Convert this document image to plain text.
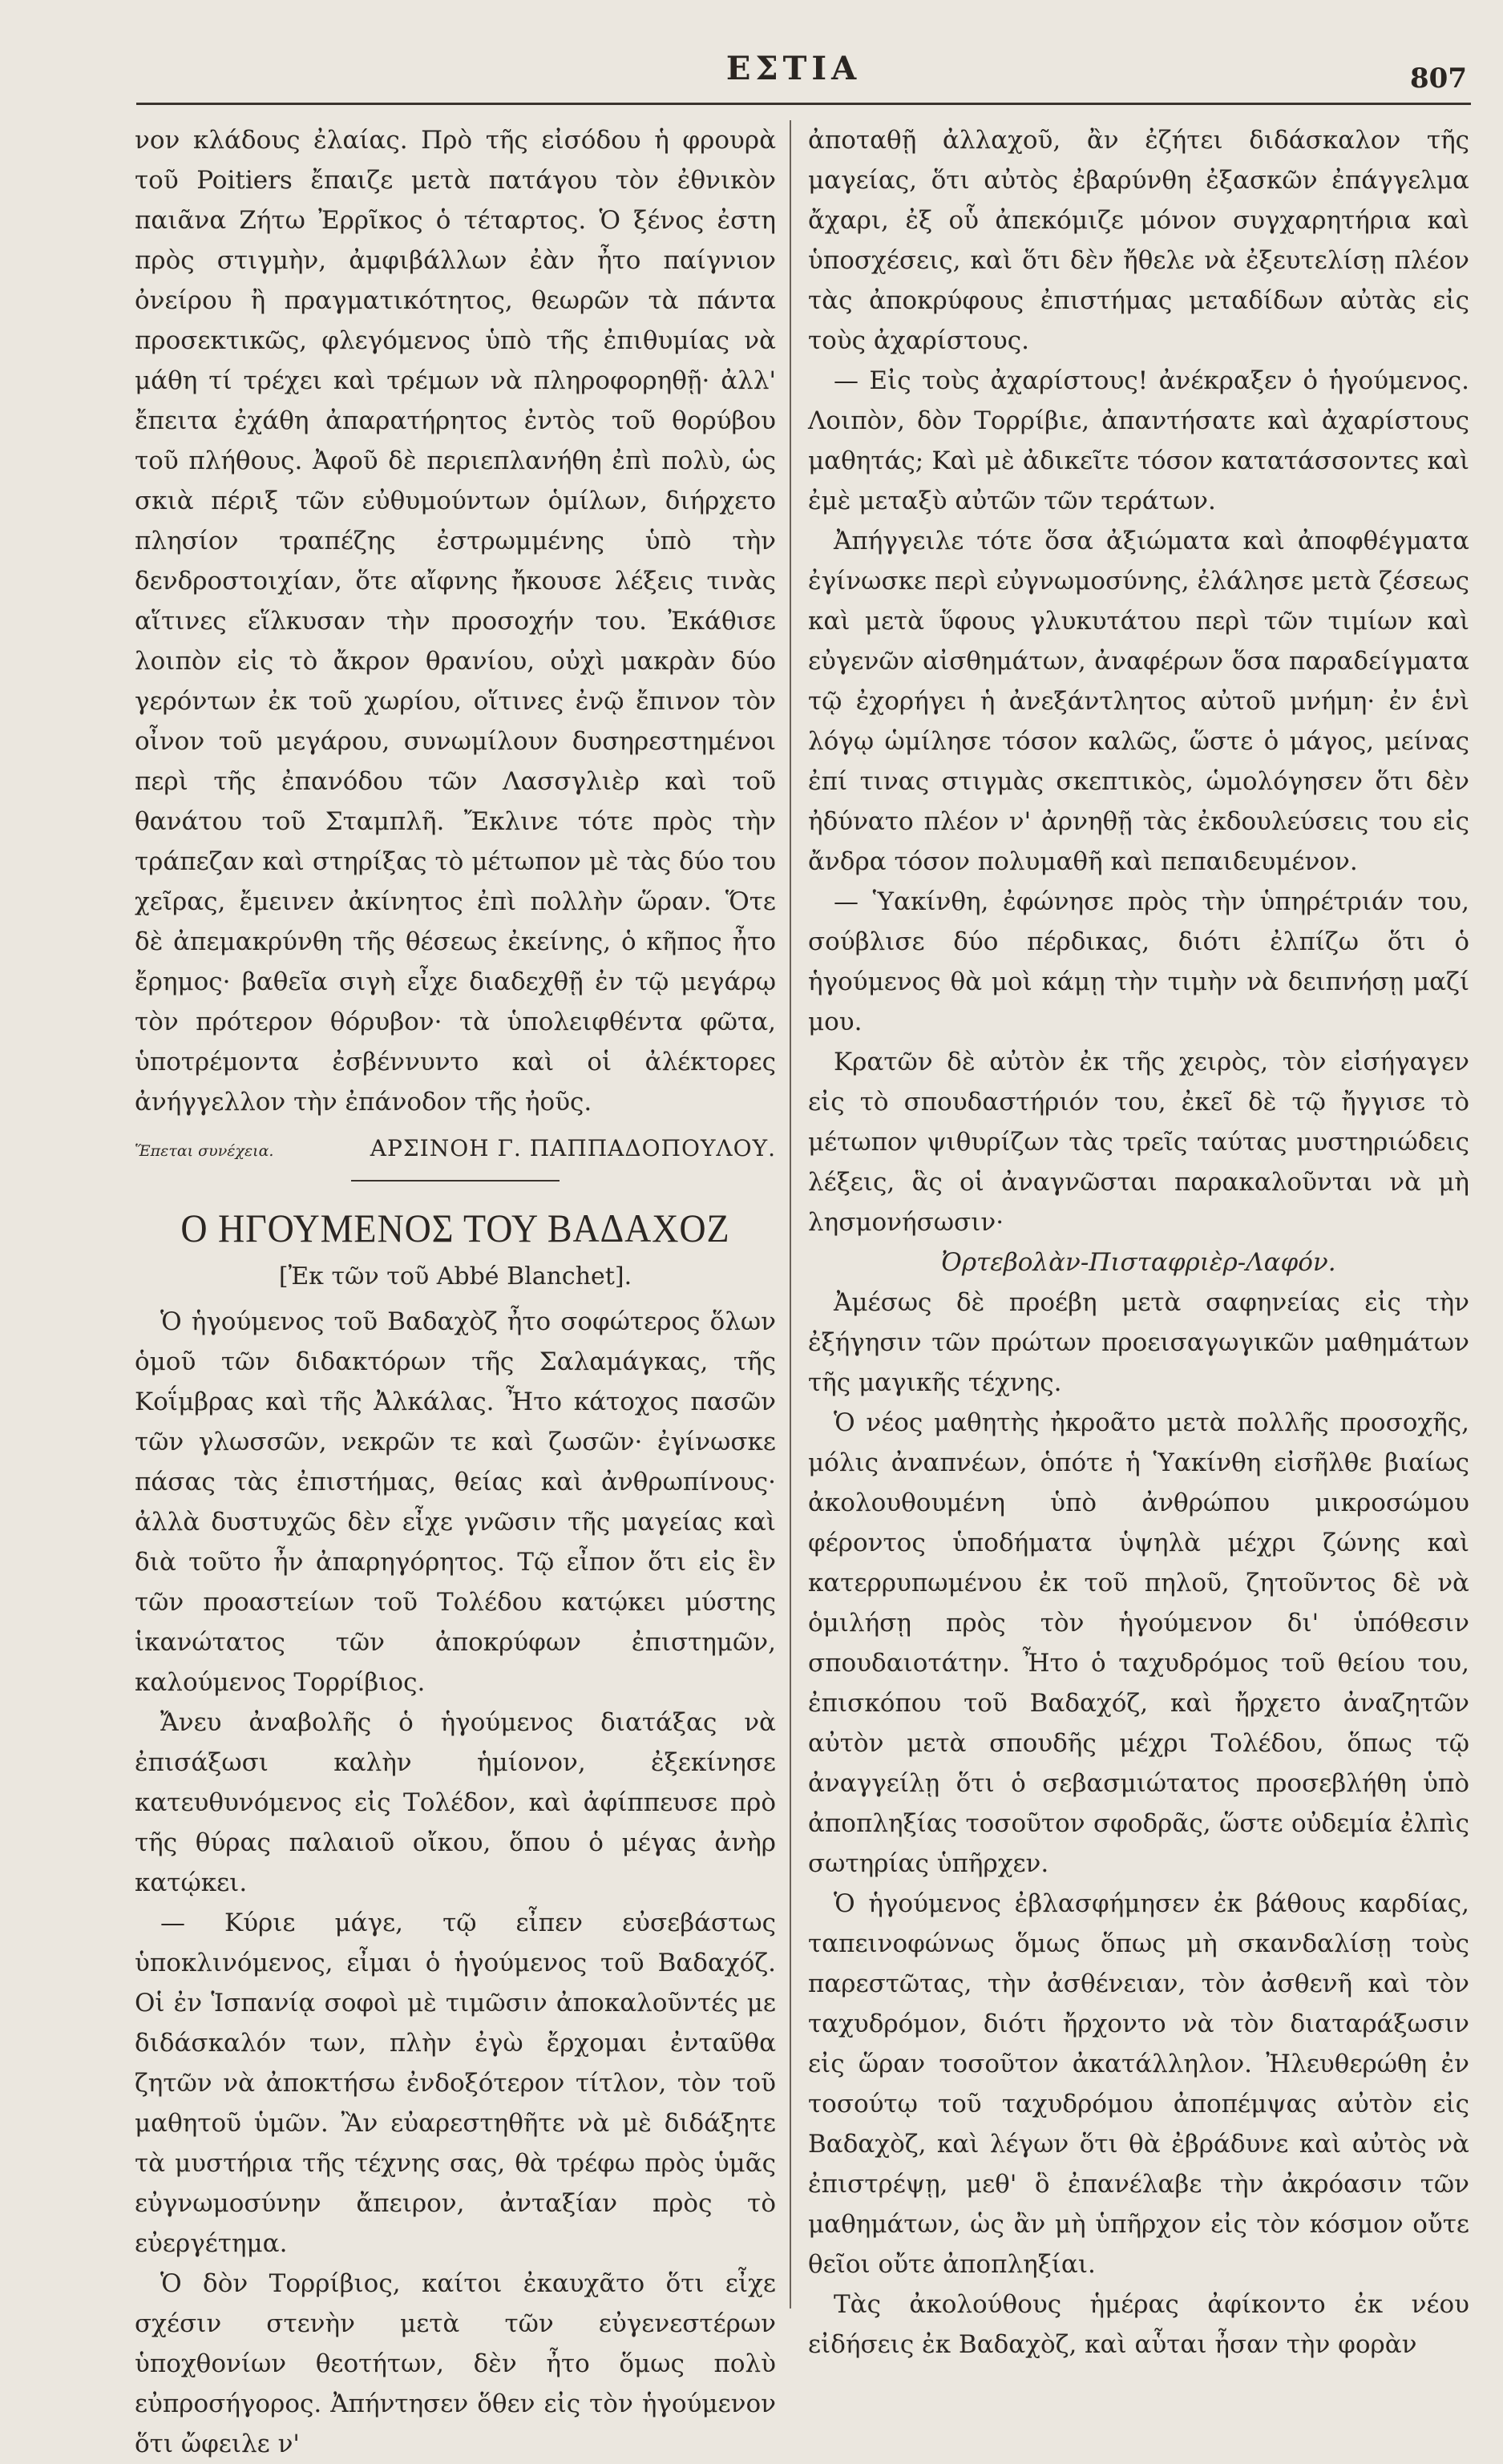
ΕΣΤΙΑ	807

νον κλάδους ἐλαίας. Πρὸ τῆς εἰσόδου ἡ φρουρὰ τοῦ Poitiers ἔπαιζε μετὰ πατάγου τὸν ἐθνικὸν παιᾶνα Ζήτω Ἐρρῖκος ὁ τέταρτος. Ὁ ξένος ἐστη πρὸς στιγμὴν, ἀμφιβάλλων ἐὰν ἦτο παίγνιον ὀνείρου ἢ πραγματικότητος, θεωρῶν τὰ πάντα προσεκτικῶς, φλεγόμενος ὑπὸ τῆς ἐπιθυμίας νὰ μάθη τί τρέχει καὶ τρέμων νὰ πληροφορηθῇ· ἀλλ' ἔπειτα ἐχάθη ἀπαρατήρητος ἐντὸς τοῦ θορύβου τοῦ πλήθους. Ἀφοῦ δὲ περιεπλανήθη ἐπὶ πολὺ, ὡς σκιὰ πέριξ τῶν εὐθυμούντων ὁμίλων, διήρχετο πλησίον τραπέζης ἐστρωμμένης ὑπὸ τὴν δενδροστοιχίαν, ὅτε αἴφνης ἤκουσε λέξεις τινὰς αἵτινες εἵλκυσαν τὴν προσοχήν του. Ἐκάθισε λοιπὸν εἰς τὸ ἄκρον θρανίου, οὐχὶ μακρὰν δύο γερόντων ἐκ τοῦ χωρίου, οἵτινες ἐνῷ ἔπινον τὸν οἶνον τοῦ μεγάρου, συνωμίλουν δυσηρεστημένοι περὶ τῆς ἐπανόδου τῶν Λασσγλιὲρ καὶ τοῦ θανάτου τοῦ Σταμπλῆ. Ἔκλινε τότε πρὸς τὴν τράπεζαν καὶ στηρίξας τὸ μέτωπον μὲ τὰς δύο του χεῖρας, ἔμεινεν ἀκίνητος ἐπὶ πολλὴν ὥραν. Ὅτε δὲ ἀπεμακρύνθη τῆς θέσεως ἐκείνης, ὁ κῆπος ἦτο ἔρημος· βαθεῖα σιγὴ εἶχε διαδεχθῇ ἐν τῷ μεγάρῳ τὸν πρότερον θόρυβον· τὰ ὑπολειφθέντα φῶτα, ὑποτρέμοντα ἐσβέννυντο καὶ οἱ ἀλέκτορες ἀνήγγελλον τὴν ἐπάνοδον τῆς ἠοῦς.

Ἕπεται συνέχεια.	ΑΡΣΙΝΟΗ Γ. ΠΑΠΠΑΔΟΠΟΥΛΟΥ.
Ο ΗΓΟΥΜΕΝΟΣ ΤΟΥ ΒΑΔΑΧΟΖ
[Ἐκ τῶν τοῦ Abbé Blanchet].

Ὁ ἡγούμενος τοῦ Βαδαχὸζ ἦτο σοφώτερος ὅλων ὁμοῦ τῶν διδακτόρων τῆς Σαλαμάγκας, τῆς Κοΐμβρας καὶ τῆς Ἀλκάλας. Ἦτο κάτοχος πασῶν τῶν γλωσσῶν, νεκρῶν τε καὶ ζωσῶν· ἐγίνωσκε πάσας τὰς ἐπιστήμας, θείας καὶ ἀνθρωπίνους· ἀλλὰ δυστυχῶς δὲν εἶχε γνῶσιν τῆς μαγείας καὶ διὰ τοῦτο ἦν ἀπαρηγόρητος. Τῷ εἶπον ὅτι εἰς ἓν τῶν προαστείων τοῦ Τολέδου κατῴκει μύστης ἱκανώτατος τῶν ἀποκρύφων ἐπιστημῶν, καλούμενος Τορρίβιος.

Ἄνευ ἀναβολῆς ὁ ἡγούμενος διατάξας νὰ ἐπισάξωσι καλὴν ἡμίονον, ἐξεκίνησε κατευθυνόμενος εἰς Τολέδον, καὶ ἀφίππευσε πρὸ τῆς θύρας παλαιοῦ οἴκου, ὅπου ὁ μέγας ἀνὴρ κατῴκει.

— Κύριε μάγε, τῷ εἶπεν εὐσεβάστως ὑποκλινόμενος, εἶμαι ὁ ἡγούμενος τοῦ Βαδαχόζ. Οἱ ἐν Ἱσπανίᾳ σοφοὶ μὲ τιμῶσιν ἀποκαλοῦντές με διδάσκαλόν των, πλὴν ἐγὼ ἔρχομαι ἐνταῦθα ζητῶν νὰ ἀποκτήσω ἐνδοξότερον τίτλον, τὸν τοῦ μαθητοῦ ὑμῶν. Ἂν εὐαρεστηθῆτε νὰ μὲ διδάξητε τὰ μυστήρια τῆς τέχνης σας, θὰ τρέφω πρὸς ὑμᾶς εὐγνωμοσύνην ἄπειρον, ἀνταξίαν πρὸς τὸ εὐεργέτημα.

Ὁ δὸν Τορρίβιος, καίτοι ἐκαυχᾶτο ὅτι εἶχε σχέσιν στενὴν μετὰ τῶν εὐγενεστέρων ὑποχθονίων θεοτήτων, δὲν ἦτο ὅμως πολὺ εὐπροσήγορος. Ἀπήντησεν ὅθεν εἰς τὸν ἡγούμενον ὅτι ὤφειλε ν'

ἀποταθῇ ἀλλαχοῦ, ἂν ἐζήτει διδάσκαλον τῆς μαγείας, ὅτι αὐτὸς ἐβαρύνθη ἐξασκῶν ἐπάγγελμα ἄχαρι, ἐξ οὗ ἀπεκόμιζε μόνον συγχαρητήρια καὶ ὑποσχέσεις, καὶ ὅτι δὲν ἤθελε νὰ ἐξευτελίσῃ πλέον τὰς ἀποκρύφους ἐπιστήμας μεταδίδων αὐτὰς εἰς τοὺς ἀχαρίστους.

— Εἰς τοὺς ἀχαρίστους! ἀνέκραξεν ὁ ἡγούμενος. Λοιπὸν, δὸν Τορρίβιε, ἀπαντήσατε καὶ ἀχαρίστους μαθητάς; Καὶ μὲ ἀδικεῖτε τόσον κατατάσσοντες καὶ ἐμὲ μεταξὺ αὐτῶν τῶν τεράτων.

Ἀπήγγειλε τότε ὅσα ἀξιώματα καὶ ἀποφθέγματα ἐγίνωσκε περὶ εὐγνωμοσύνης, ἐλάλησε μετὰ ζέσεως καὶ μετὰ ὕφους γλυκυτάτου περὶ τῶν τιμίων καὶ εὐγενῶν αἰσθημάτων, ἀναφέρων ὅσα παραδείγματα τῷ ἐχορήγει ἡ ἀνεξάντλητος αὐτοῦ μνήμη· ἐν ἑνὶ λόγῳ ὡμίλησε τόσον καλῶς, ὥστε ὁ μάγος, μείνας ἐπί τινας στιγμὰς σκεπτικὸς, ὡμολόγησεν ὅτι δὲν ἠδύνατο πλέον ν' ἀρνηθῇ τὰς ἐκδουλεύσεις του εἰς ἄνδρα τόσον πολυμαθῆ καὶ πεπαιδευμένον.

— Ὑακίνθη, ἐφώνησε πρὸς τὴν ὑπηρέτριάν του, σούβλισε δύο πέρδικας, διότι ἐλπίζω ὅτι ὁ ἡγούμενος θὰ μοὶ κάμῃ τὴν τιμὴν νὰ δειπνήσῃ μαζί μου.

Κρατῶν δὲ αὐτὸν ἐκ τῆς χειρὸς, τὸν εἰσήγαγεν εἰς τὸ σπουδαστήριόν του, ἐκεῖ δὲ τῷ ἤγγισε τὸ μέτωπον ψιθυρίζων τὰς τρεῖς ταύτας μυστηριώδεις λέξεις, ἃς οἱ ἀναγνῶσται παρακαλοῦνται νὰ μὴ λησμονήσωσιν·

Ὀρτεβολὰν-Πισταφριὲρ-Λαφόν.

Ἀμέσως δὲ προέβη μετὰ σαφηνείας εἰς τὴν ἐξήγησιν τῶν πρώτων προεισαγωγικῶν μαθημάτων τῆς μαγικῆς τέχνης.

Ὁ νέος μαθητὴς ἠκροᾶτο μετὰ πολλῆς προσοχῆς, μόλις ἀναπνέων, ὁπότε ἡ Ὑακίνθη εἰσῆλθε βιαίως ἀκολουθουμένη ὑπὸ ἀνθρώπου μικροσώμου φέροντος ὑποδήματα ὑψηλὰ μέχρι ζώνης καὶ κατερρυπωμένου ἐκ τοῦ πηλοῦ, ζητοῦντος δὲ νὰ ὁμιλήσῃ πρὸς τὸν ἡγούμενον δι' ὑπόθεσιν σπουδαιοτάτην. Ἦτο ὁ ταχυδρόμος τοῦ θείου του, ἐπισκόπου τοῦ Βαδαχόζ, καὶ ἤρχετο ἀναζητῶν αὐτὸν μετὰ σπουδῆς μέχρι Τολέδου, ὅπως τῷ ἀναγγείλῃ ὅτι ὁ σεβασμιώτατος προσεβλήθη ὑπὸ ἀποπληξίας τοσοῦτον σφοδρᾶς, ὥστε οὐδεμία ἐλπὶς σωτηρίας ὑπῆρχεν.

Ὁ ἡγούμενος ἐβλασφήμησεν ἐκ βάθους καρδίας, ταπεινοφώνως ὅμως ὅπως μὴ σκανδαλίσῃ τοὺς παρεστῶτας, τὴν ἀσθένειαν, τὸν ἀσθενῆ καὶ τὸν ταχυδρόμον, διότι ἤρχοντο νὰ τὸν διαταράξωσιν εἰς ὥραν τοσοῦτον ἀκατάλληλον. Ἠλευθερώθη ἐν τοσούτῳ τοῦ ταχυδρόμου ἀποπέμψας αὐτὸν εἰς Βαδαχὸζ, καὶ λέγων ὅτι θὰ ἐβράδυνε καὶ αὐτὸς νὰ ἐπιστρέψῃ, μεθ' ὃ ἐπανέλαβε τὴν ἀκρόασιν τῶν μαθημάτων, ὡς ἂν μὴ ὑπῆρχον εἰς τὸν κόσμον οὔτε θεῖοι οὔτε ἀποπληξίαι.

Τὰς ἀκολούθους ἡμέρας ἀφίκοντο ἐκ νέου εἰδήσεις ἐκ Βαδαχὸζ, καὶ αὗται ἦσαν τὴν φορὰν
